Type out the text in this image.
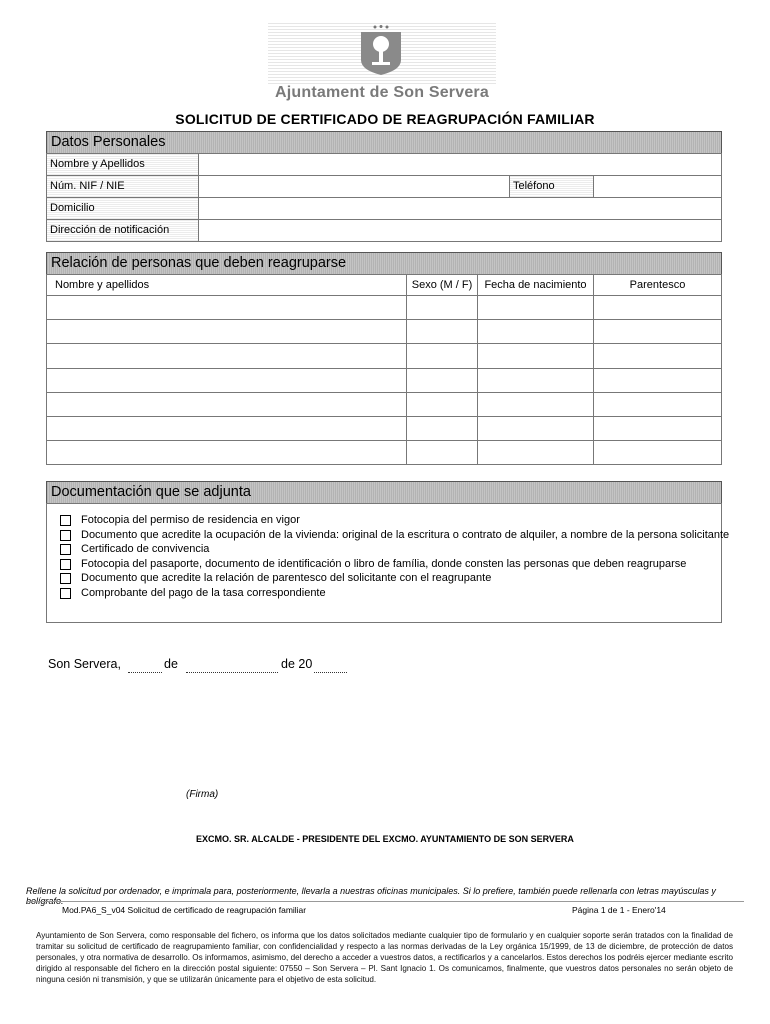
Ajuntament de Son Servera
SOLICITUD DE CERTIFICADO DE REAGRUPACIÓN FAMILIAR
Datos Personales
Nombre y Apellidos
Núm. NIF / NIE	Teléfono
Domicilio
Dirección de notificación
Relación de personas que deben reagruparse
Nombre y apellidos	Sexo (M / F)	Fecha de nacimiento	Parentesco
Documentación que se adjunta
Fotocopia del permiso de residencia en vigor
Documento que acredite la ocupación de la vivienda: original de la escritura o contrato de alquiler, a nombre de la persona solicitante
Certificado de convivencia
Fotocopia del pasaporte, documento de identificación o libro de família, donde consten las personas que deben reagruparse
Documento que acredite la relación de parentesco del solicitante con el reagrupante
Comprobante del pago de la tasa correspondiente
Son Servera,	de	de 20
(Firma)
EXCMO. SR. ALCALDE - PRESIDENTE DEL EXCMO. AYUNTAMIENTO DE SON SERVERA
Rellene la solicitud por ordenador, e imprimala para, posteriormente, llevarla a nuestras oficinas municipales. Si lo prefiere, también puede rellenarla con letras mayúsculas y bolígrafo.
Mod.PA6_S_v04 Solicitud de certificado de reagrupación familiar	Página 1 de 1 - Enero'14
Ayuntamiento de Son Servera, como responsable del fichero, os informa que los datos solicitados mediante cualquier tipo de formulario y en cualquier soporte serán tratados con la finalidad de tramitar su solicitud de certificado de reagrupamiento familiar, con confidencialidad y respecto a las normas derivadas de la Ley orgánica 15/1999, de 13 de diciembre, de protección de datos personales, y otra normativa de desarrollo. Os informamos, asimismo, del derecho a acceder a vuestros datos, a rectificarlos y a cancelarlos. Estos derechos los podréis ejercer mediante escrito dirigido al responsable del fichero en la dirección postal siguiente: 07550 – Son Servera – Pl. Sant Ignacio 1. Os comunicamos, finalmente, que vuestros datos personales no serán objeto de ninguna cesión ni transmisión, y que se utilizarán únicamente para el objetivo de esta solicitud.
